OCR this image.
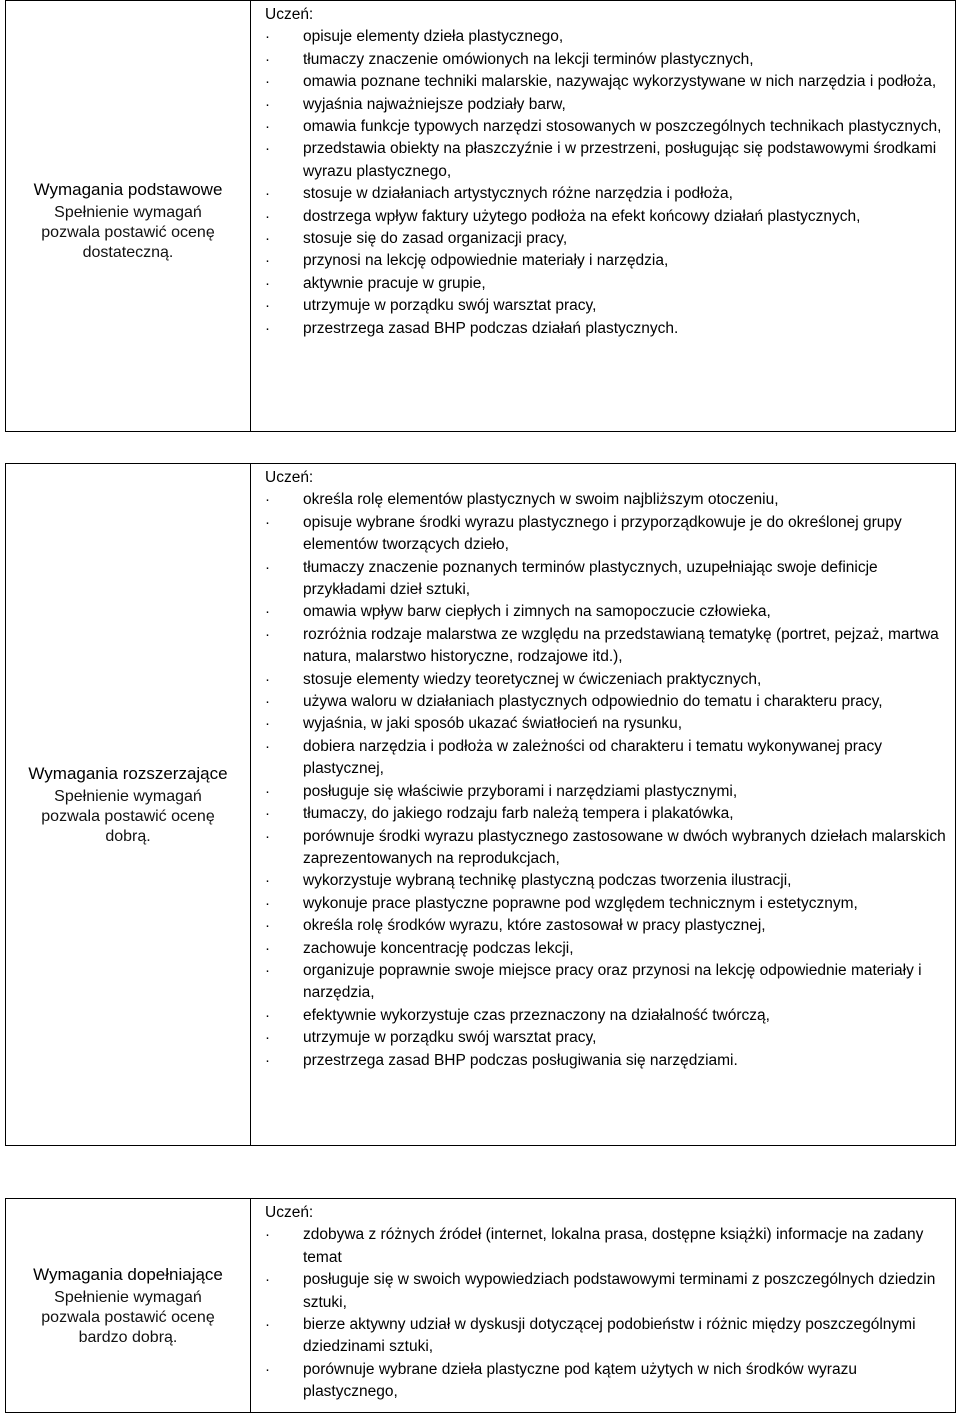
Wymagania podstawowe

Spełnienie wymagań pozwala postawić ocenę dostateczną.

Uczeń:

· opisuje elementy dzieła plastycznego,
· tłumaczy znaczenie omówionych na lekcji terminów plastycznych,
· omawia poznane techniki malarskie, nazywając wykorzystywane w nich narzędzia i podłoża,
· wyjaśnia najważniejsze podziały barw,
· omawia funkcje typowych narzędzi stosowanych w poszczególnych technikach plastycznych,
· przedstawia obiekty na płaszczyźnie i w przestrzeni, posługując się podstawowymi środkami wyrazu plastycznego,
· stosuje w działaniach artystycznych różne narzędzia i podłoża,
· dostrzega wpływ faktury użytego podłoża na efekt końcowy działań plastycznych,
· stosuje się do zasad organizacji pracy,
· przynosi na lekcję odpowiednie materiały i narzędzia,
· aktywnie pracuje w grupie,
· utrzymuje w porządku swój warsztat pracy,
· przestrzega zasad BHP podczas działań plastycznych.

Wymagania rozszerzające

Spełnienie wymagań pozwala postawić ocenę dobrą.

Uczeń:

· określa rolę elementów plastycznych w swoim najbliższym otoczeniu,
· opisuje wybrane środki wyrazu plastycznego i przyporządkowuje je do określonej grupy elementów tworzących dzieło,
· tłumaczy znaczenie poznanych terminów plastycznych, uzupełniając swoje definicje przykładami dzieł sztuki,
· omawia wpływ barw ciepłych i zimnych na samopoczucie człowieka,
· rozróżnia rodzaje malarstwa ze względu na przedstawianą tematykę (portret, pejzaż, martwa natura, malarstwo historyczne, rodzajowe itd.),
· stosuje elementy wiedzy teoretycznej w ćwiczeniach praktycznych,
· używa waloru w działaniach plastycznych odpowiednio do tematu i charakteru pracy,
· wyjaśnia, w jaki sposób ukazać światłocień na rysunku,
· dobiera narzędzia i podłoża w zależności od charakteru i tematu wykonywanej pracy plastycznej,
· posługuje się właściwie przyborami i narzędziami plastycznymi,
· tłumaczy, do jakiego rodzaju farb należą tempera i plakatówka,
· porównuje środki wyrazu plastycznego zastosowane w dwóch wybranych dziełach malarskich zaprezentowanych na reprodukcjach,
· wykorzystuje wybraną technikę plastyczną podczas tworzenia ilustracji,
· wykonuje prace plastyczne poprawne pod względem technicznym i estetycznym,
· określa rolę środków wyrazu, które zastosował w pracy plastycznej,
· zachowuje koncentrację podczas lekcji,
· organizuje poprawnie swoje miejsce pracy oraz przynosi na lekcję odpowiednie materiały i narzędzia,
· efektywnie wykorzystuje czas przeznaczony na działalność twórczą,
· utrzymuje w porządku swój warsztat pracy,
· przestrzega zasad BHP podczas posługiwania się narzędziami.

Wymagania dopełniające

Spełnienie wymagań pozwala postawić ocenę bardzo dobrą.

Uczeń:

· zdobywa z różnych źródeł (internet, lokalna prasa, dostępne książki) informacje na zadany temat
· posługuje się w swoich wypowiedziach podstawowymi terminami z poszczególnych dziedzin sztuki,
· bierze aktywny udział w dyskusji dotyczącej podobieństw i różnic między poszczególnymi dziedzinami sztuki,
· porównuje wybrane dzieła plastyczne pod kątem użytych w nich środków wyrazu plastycznego,
